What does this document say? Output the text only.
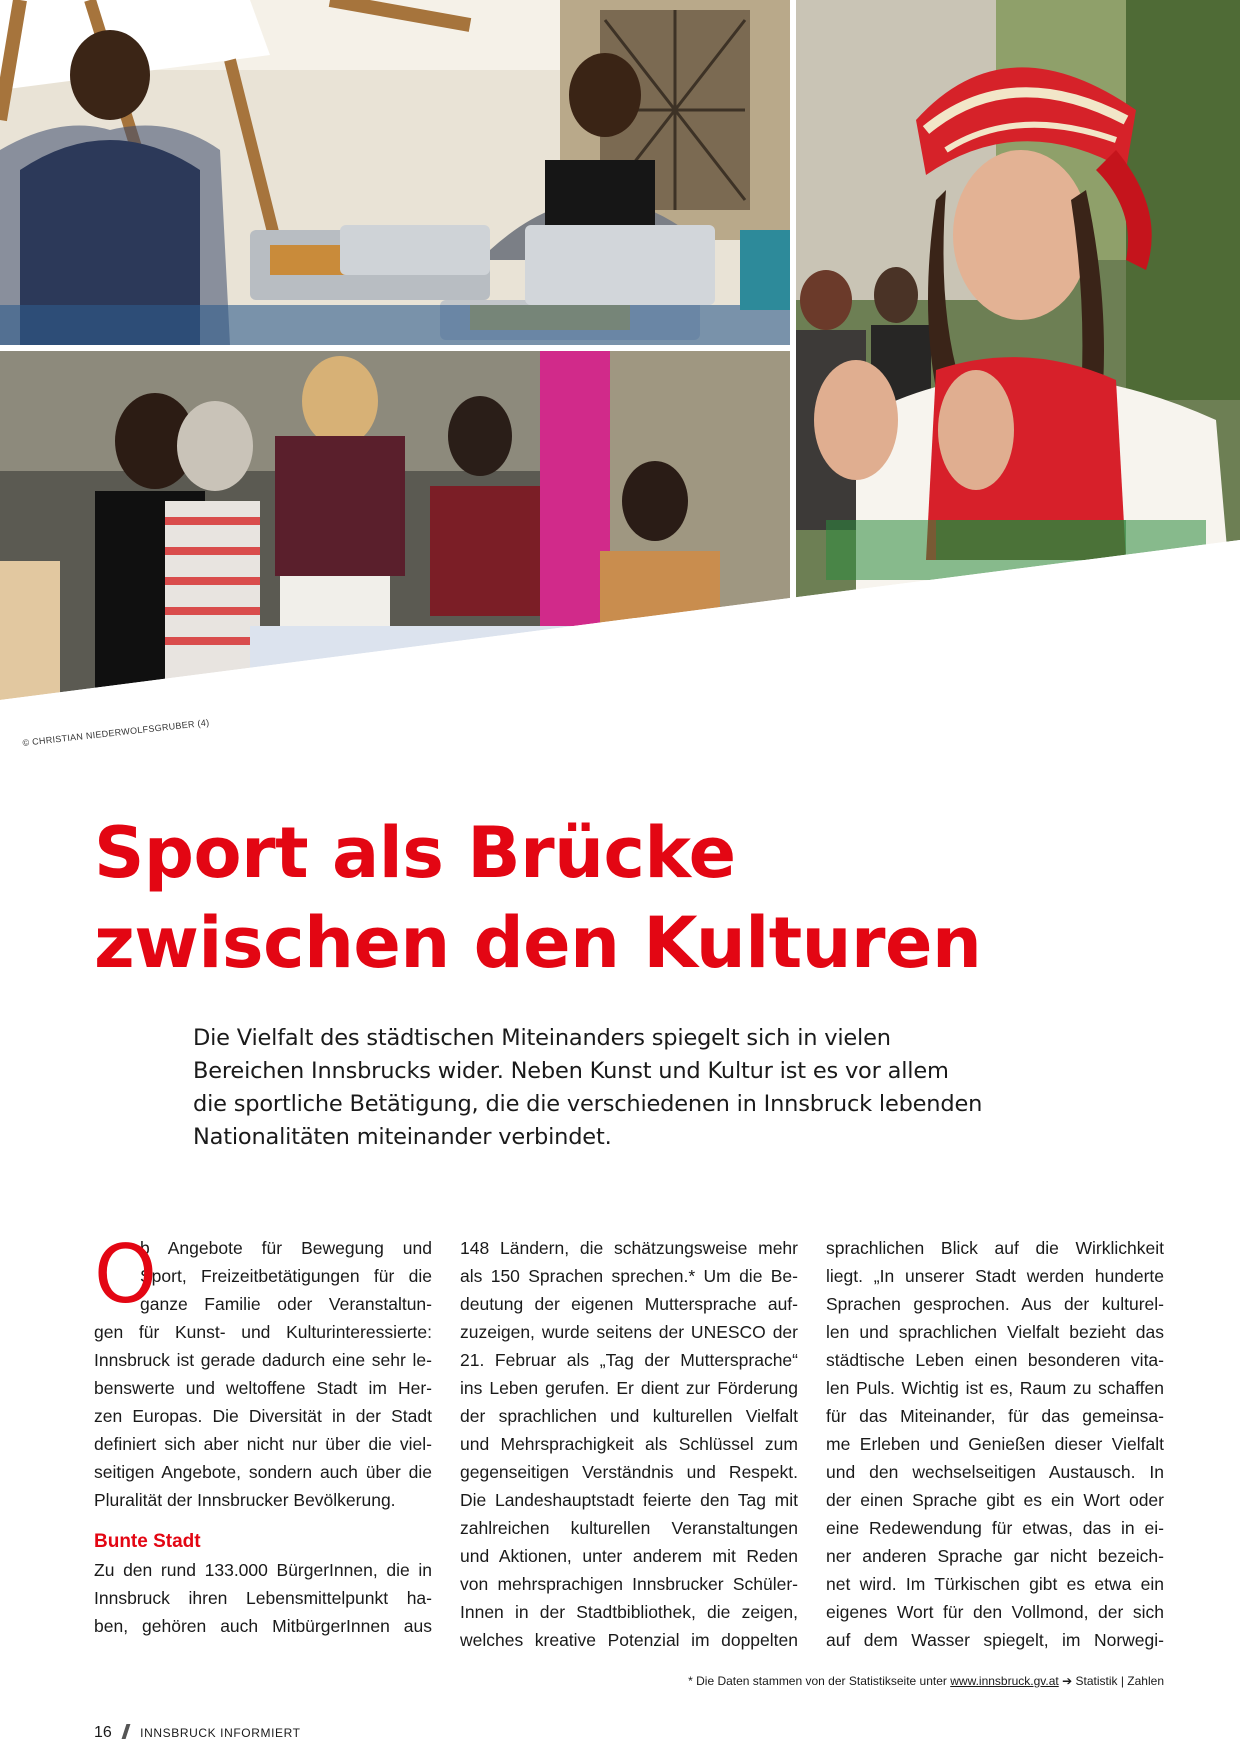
© CHRISTIAN NIEDERWOLFSGRUBER (4)
Sport als Brücke
zwischen den Kulturen

Die Vielfalt des städtischen Miteinanders spiegelt sich in vielen
Bereichen Innsbrucks wider. Neben Kunst und Kultur ist es vor allem
die sportliche Betätigung, die die verschiedenen in Innsbruck lebenden
Nationalitäten miteinander verbindet.

O
b Angebote für Bewegung und
Sport, Freizeitbetätigungen für die
ganze Familie oder Veranstaltun-
gen für Kunst- und Kulturinteressierte:
Innsbruck ist gerade dadurch eine sehr le-
benswerte und weltoffene Stadt im Her-
zen Europas. Die Diversität in der Stadt
definiert sich aber nicht nur über die viel-
seitigen Angebote, sondern auch über die
Pluralität der Innsbrucker Bevölkerung.
Bunte Stadt
Zu den rund 133.000 BürgerInnen, die in
Innsbruck ihren Lebensmittelpunkt ha-
ben, gehören auch MitbürgerInnen aus
148 Ländern, die schätzungsweise mehr
als 150 Sprachen sprechen.* Um die Be-
deutung der eigenen Muttersprache auf-
zuzeigen, wurde seitens der UNESCO der
21. Februar als „Tag der Muttersprache“
ins Leben gerufen. Er dient zur Förderung
der sprachlichen und kulturellen Vielfalt
und Mehrsprachigkeit als Schlüssel zum
gegenseitigen Verständnis und Respekt.
Die Landeshauptstadt feierte den Tag mit
zahlreichen kulturellen Veranstaltungen
und Aktionen, unter anderem mit Reden
von mehrsprachigen Innsbrucker Schüler-
Innen in der Stadtbibliothek, die zeigen,
welches kreative Potenzial im doppelten
sprachlichen Blick auf die Wirklichkeit
liegt. „In unserer Stadt werden hunderte
Sprachen gesprochen. Aus der kulturel-
len und sprachlichen Vielfalt bezieht das
städtische Leben einen besonderen vita-
len Puls. Wichtig ist es, Raum zu schaffen
für das Miteinander, für das gemeinsa-
me Erleben und Genießen dieser Vielfalt
und den wechselseitigen Austausch. In
der einen Sprache gibt es ein Wort oder
eine Redewendung für etwas, das in ei-
ner anderen Sprache gar nicht bezeich-
net wird. Im Türkischen gibt es etwa ein
eigenes Wort für den Vollmond, der sich
auf dem Wasser spiegelt, im Norwegi-
* Die Daten stammen von der Statistikseite unter www.innsbruck.gv.at ➔ Statistik | Zahlen
16 INNSBRUCK INFORMIERT
